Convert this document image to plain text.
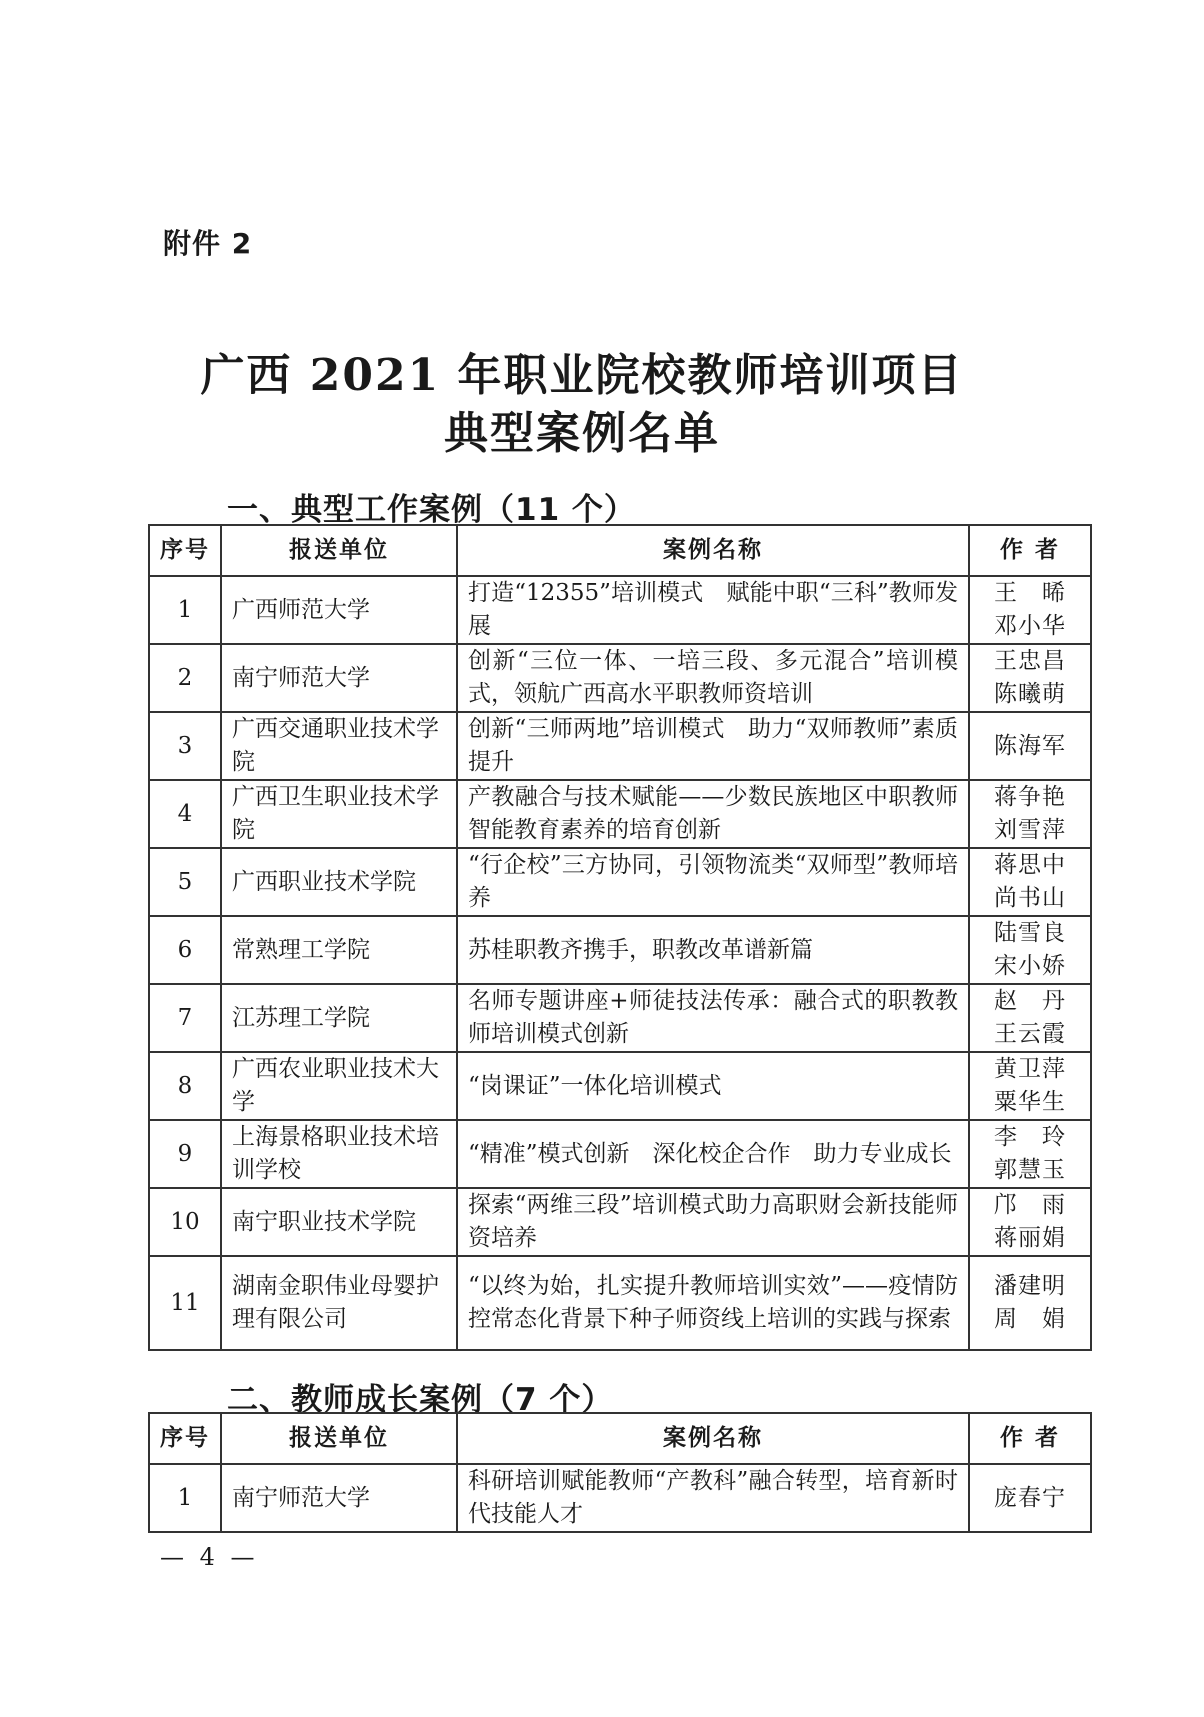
附件 2
广西 2021 年职业院校教师培训项目
典型案例名单
一、典型工作案例（11 个）
序号	报送单位	案例名称	作 者
1	广西师范大学	打造“12355”培训模式　赋能中职“三科”教师发展	王　晞
邓小华

2	南宁师范大学	创新“三位一体、一培三段、多元混合”培训模式，领航广西高水平职教师资培训	王忠昌
陈曦萌

3	广西交通职业技术学院	创新“三师两地”培训模式　助力“双师教师”素质提升	陈海军

4	广西卫生职业技术学院	产教融合与技术赋能——少数民族地区中职教师智能教育素养的培育创新	蒋争艳
刘雪萍

5	广西职业技术学院	“行企校”三方协同，引领物流类“双师型”教师培养	蒋思中
尚书山

6	常熟理工学院	苏桂职教齐携手，职教改革谱新篇	陆雪良
宋小娇

7	江苏理工学院	名师专题讲座+师徒技法传承：融合式的职教教师培训模式创新	赵　丹
王云霞

8	广西农业职业技术大学	“岗课证”一体化培训模式	黄卫萍
粟华生

9	上海景格职业技术培训学校	“精准”模式创新　深化校企合作　助力专业成长	李　玲
郭慧玉

10	南宁职业技术学院	探索“两维三段”培训模式助力高职财会新技能师资培养	邝　雨
蒋丽娟

11	湖南金职伟业母婴护理有限公司	“以终为始，扎实提升教师培训实效”——疫情防控常态化背景下种子师资线上培训的实践与探索	潘建明
周　娟
二、教师成长案例（7 个）
序号	报送单位	案例名称	作 者
1	南宁师范大学	科研培训赋能教师“产教科”融合转型，培育新时代技能人才	庞春宁
— 4 —
